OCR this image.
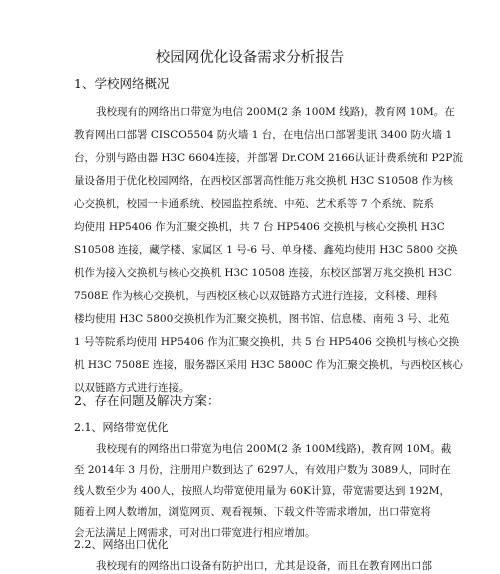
校园网优化设备需求分析报告
1、学校网络概况
我校现有的网络出口带宽为电信 200M(2 条 100M 线路)，教育网 10M。在
教育网出口部署 CISCO5504 防火墙 1 台，在电信出口部署斐讯 3400 防火墙 1
台，分别与路由器 H3C 6604连接，并部署 Dr.COM 2166认证计费系统和 P2P流
量设备用于优化校园网络，在西校区部署高性能万兆交换机 H3C S10508 作为核
心交换机，校园一卡通系统、校园监控系统、中苑、艺术系等 7 个系统、院系
均使用 HP5406 作为汇聚交换机，共 7 台 HP5406 交换机与核心交换机 H3C
S10508 连接，藏学楼、家属区 1 号-6 号、单身楼、鑫苑均使用 H3C 5800 交换
机作为接入交换机与核心交换机 H3C 10508 连接，东校区部署万兆交换机 H3C
7508E 作为核心交换机，与西校区核心以双链路方式进行连接，文科楼、理科
楼均使用 H3C 5800交换机作为汇聚交换机，图书馆、信息楼、南苑 3 号、北苑
1 号等院系均使用 HP5406 作为汇聚交换机，共 5 台 HP5406 交换机与核心交换
机 H3C 7508E 连接，服务器区采用 H3C 5800C 作为汇聚交换机，与西校区核心
以双链路方式进行连接。
2、存在问题及解决方案：
2.1、网络带宽优化
我校现有的网络出口带宽为电信 200M(2 条 100M线路)，教育网 10M。截
至 2014年 3 月份，注册用户数到达了 6297人，有效用户数为 3089人，同时在
线人数至少为 400人，按照人均带宽使用量为 60K计算，带宽需要达到 192M，
随着上网人数增加，浏览网页、观看视频、下载文件等需求增加，出口带宽将
会无法满足上网需求，可对出口带宽进行相应增加。
2.2、网络出口优化
我校现有的网络出口设备有防护出口，尤其是设备，而且在教育网出口部
